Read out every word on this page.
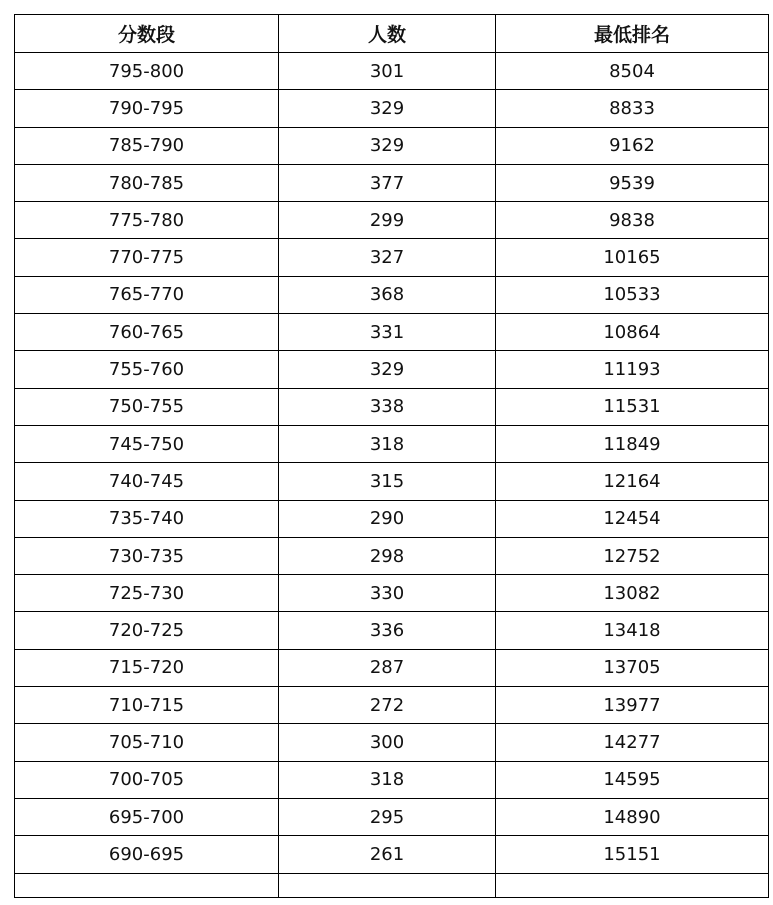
分数段	人数	最低排名
795-800	301	8504
790-795	329	8833
785-790	329	9162
780-785	377	9539
775-780	299	9838
770-775	327	10165
765-770	368	10533
760-765	331	10864
755-760	329	11193
750-755	338	11531
745-750	318	11849
740-745	315	12164
735-740	290	12454
730-735	298	12752
725-730	330	13082
720-725	336	13418
715-720	287	13705
710-715	272	13977
705-710	300	14277
700-705	318	14595
695-700	295	14890
690-695	261	15151
